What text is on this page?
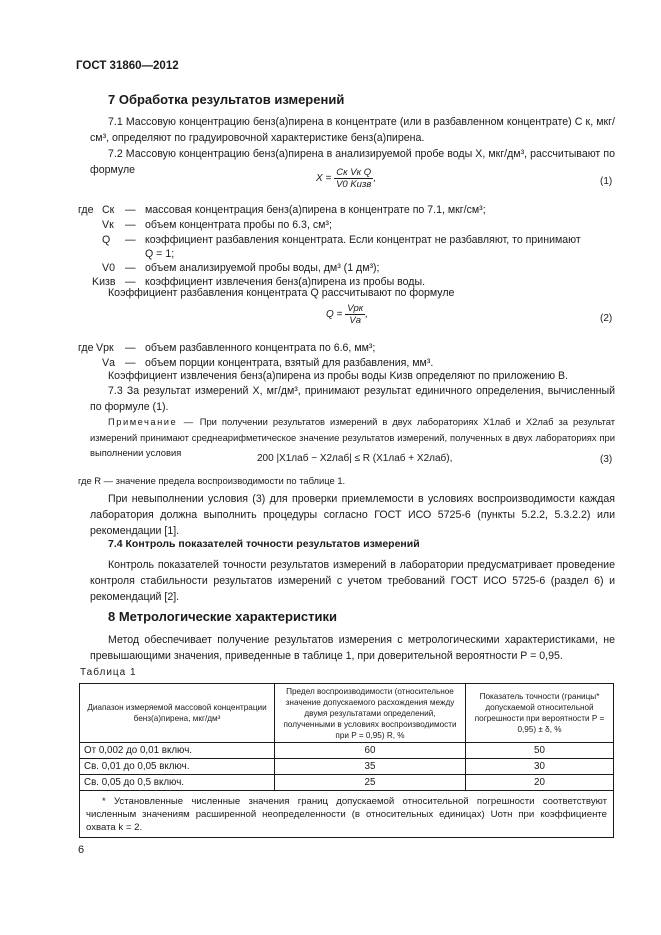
ГОСТ 31860—2012
7 Обработка результатов измерений
7.1 Массовую концентрацию бенз(а)пирена в концентрате (или в разбавленном концентрате) C к, мкг/см³, определяют по градуировочной характеристике бенз(а)пирена.
7.2 Массовую концентрацию бенз(а)пирена в анализируемой пробе воды X, мкг/дм³, рассчитывают по формуле
$X = \frac{\text{Cк Vк Q}}{\text{V0 Kизв}}$ ,	(1)
где Cк — массовая концентрация бенз(а)пирена в концентрате по 7.1, мкг/см³;
Vк — объем концентрата пробы по 6.3, см³;
Q — коэффициент разбавления концентрата. Если концентрат не разбавляют, то принимают
Q = 1;
V0 — объем анализируемой пробы воды, дм³ (1 дм³);
Kизв — коэффициент извлечения бенз(а)пирена из пробы воды.
Коэффициент разбавления концентрата Q рассчитывают по формуле
$Q = \frac{\text{Vрк}}{Vа}$ ,	(2)
где Vрк — объем разбавленного концентрата по 6.6, мм³;
Vа — объем порции концентрата, взятый для разбавления, мм³.
Коэффициент извлечения бенз(а)пирена из пробы воды Kизв определяют по приложению В.
7.3 За результат измерений X, мг/дм³, принимают результат единичного определения, вычисленный по формуле (1).
Примечание — При получении результатов измерений в двух лабораториях X1лаб и X2лаб за результат измерений принимают среднеарифметическое значение результатов измерений, полученных в двух лабораториях при выполнении условия
200 |X1лаб − X2лаб| ≤ R (X1лаб + X2лаб),	(3)
где R — значение предела воспроизводимости по таблице 1.
При невыполнении условия (3) для проверки приемлемости в условиях воспроизводимости каждая лаборатория должна выполнить процедуры согласно ГОСТ ИСО 5725-6 (пункты 5.2.2, 5.3.2.2) или рекомендации [1].
7.4 Контроль показателей точности результатов измерений
Контроль показателей точности результатов измерений в лаборатории предусматривает проведение контроля стабильности результатов измерений с учетом требований ГОСТ ИСО 5725-6 (раздел 6) и рекомендаций [2].
8 Метрологические характеристики
Метод обеспечивает получение результатов измерения с метрологическими характеристиками, не превышающими значения, приведенные в таблице 1, при доверительной вероятности P = 0,95.
Таблица 1
Диапазон измеряемой массовой концентрации бенз(а)пирена, мкг/дм³	Предел воспроизводимости (относительное значение допускаемого расхождения между двумя результатами определений, полученными в условиях воспроизводимости при P = 0,95) R, %	Показатель точности (границы* допускаемой относительной погрешности при вероятности P = 0,95) ± δ, %
От 0,002 до 0,01 включ.	60	50
Св. 0,01 до 0,05 включ.	35	30
Св. 0,05 до 0,5 включ.	25	20
* Установленные численные значения границ допускаемой относительной погрешности соответствуют численным значениям расширенной неопределенности (в относительных единицах) Uотн при коэффициенте охвата k = 2.		
6
